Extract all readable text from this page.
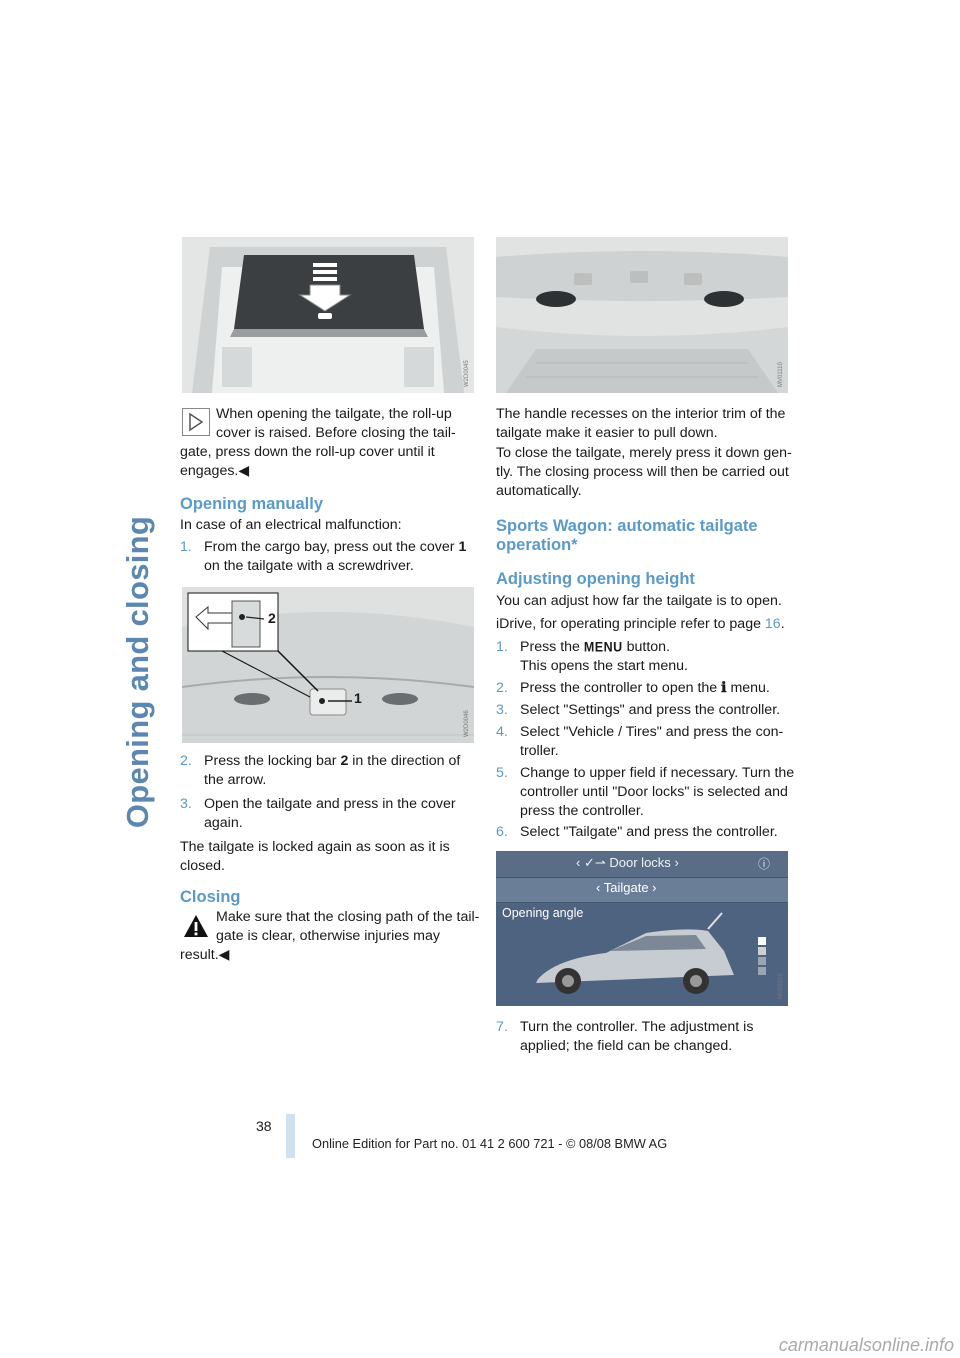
Opening and closing
W2D0045
2
1
W2D0046
MV01110
‹ ✓⇀ Door locks ›	ⓘ
‹ Tailgate ›
Opening angle
MV09216

When opening the tailgate, the roll-up

cover is raised. Before closing the tail-

gate, press down the roll-up cover until it

engages.◀

Opening manually

In case of an electrical malfunction:

1. From the cargo bay, press out the cover 1

on the tailgate with a screwdriver.

2. Press the locking bar 2 in the direction of

the arrow.

3. Open the tailgate and press in the cover

again.

The tailgate is locked again as soon as it is

closed.

Closing

Make sure that the closing path of the tail-

gate is clear, otherwise injuries may

result.◀

The handle recesses on the interior trim of the

tailgate make it easier to pull down.

To close the tailgate, merely press it down gen-

tly. The closing process will then be carried out

automatically.

Sports Wagon: automatic tailgate
operation*
Adjusting opening height

You can adjust how far the tailgate is to open.

iDrive, for operating principle refer to page 16.
1. Press the MENU button.

This opens the start menu.

2. Press the controller to open the ℹ menu.
3. Select "Settings" and press the controller.

4. Select "Vehicle / Tires" and press the con-

troller.

5. Change to upper field if necessary. Turn the

controller until "Door locks" is selected and

press the controller.

6. Select "Tailgate" and press the controller.

7. Turn the controller. The adjustment is

applied; the field can be changed.

38
Online Edition for Part no. 01 41 2 600 721 - © 08/08 BMW AG
carmanualsonline.info
